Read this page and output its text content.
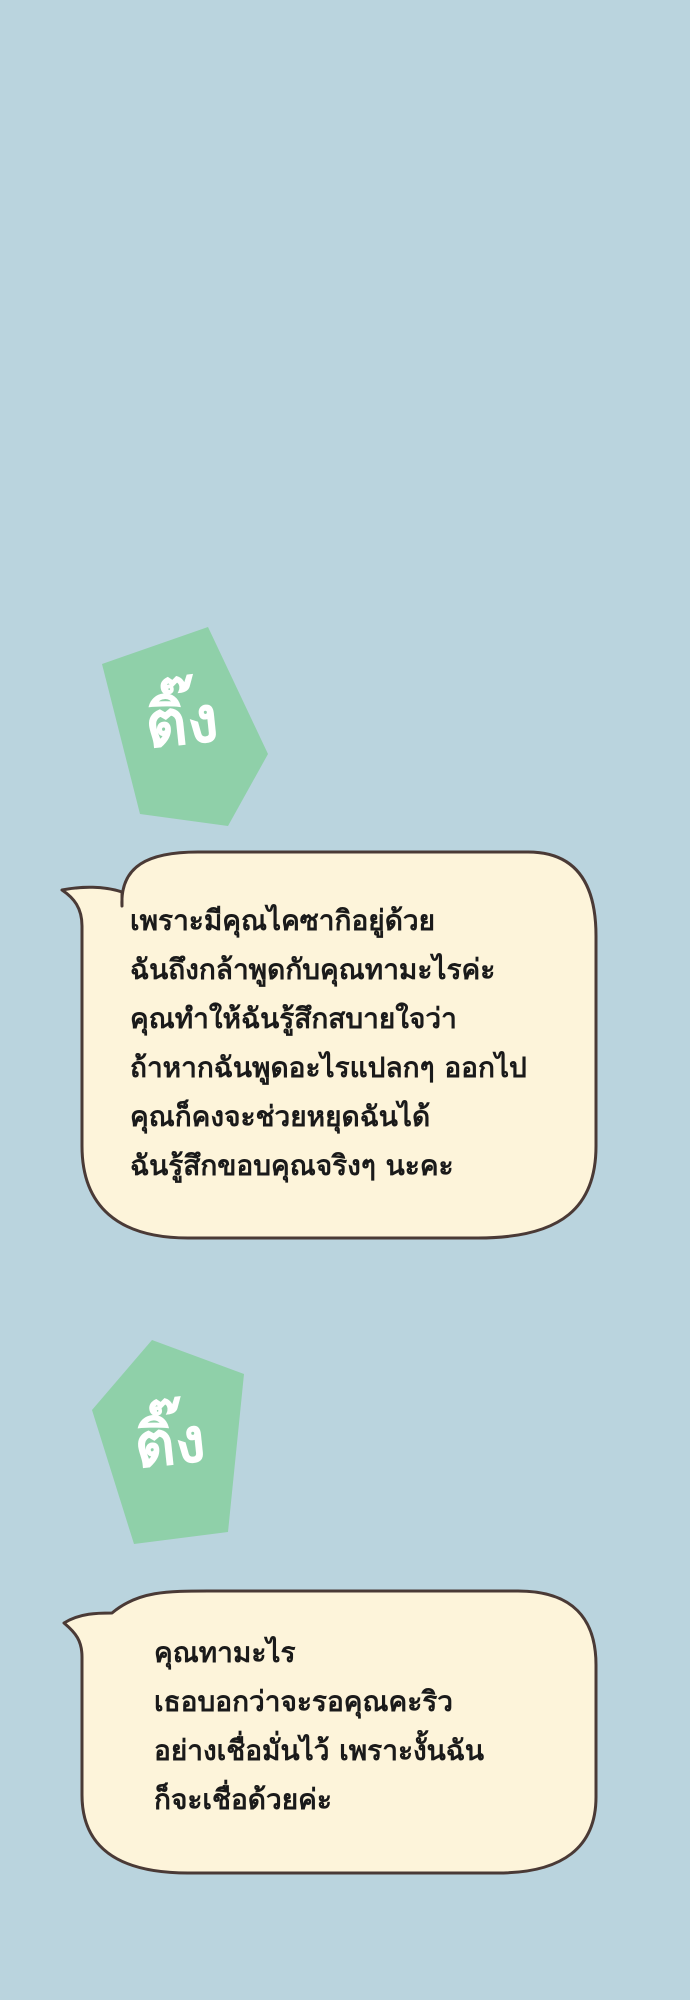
ติ๊ง
เพราะมีคุณไคซากิอยู่ด้วย
ฉันถึงกล้าพูดกับคุณทามะไรค่ะ
คุณทำให้ฉันรู้สึกสบายใจว่า
ถ้าหากฉันพูดอะไรแปลกๆ ออกไป
คุณก็คงจะช่วยหยุดฉันได้
ฉันรู้สึกขอบคุณจริงๆ นะคะ
ติ๊ง
คุณทามะไร
เธอบอกว่าจะรอคุณคะริว
อย่างเชื่อมั่นไว้ เพราะงั้นฉัน
ก็จะเชื่อด้วยค่ะ
